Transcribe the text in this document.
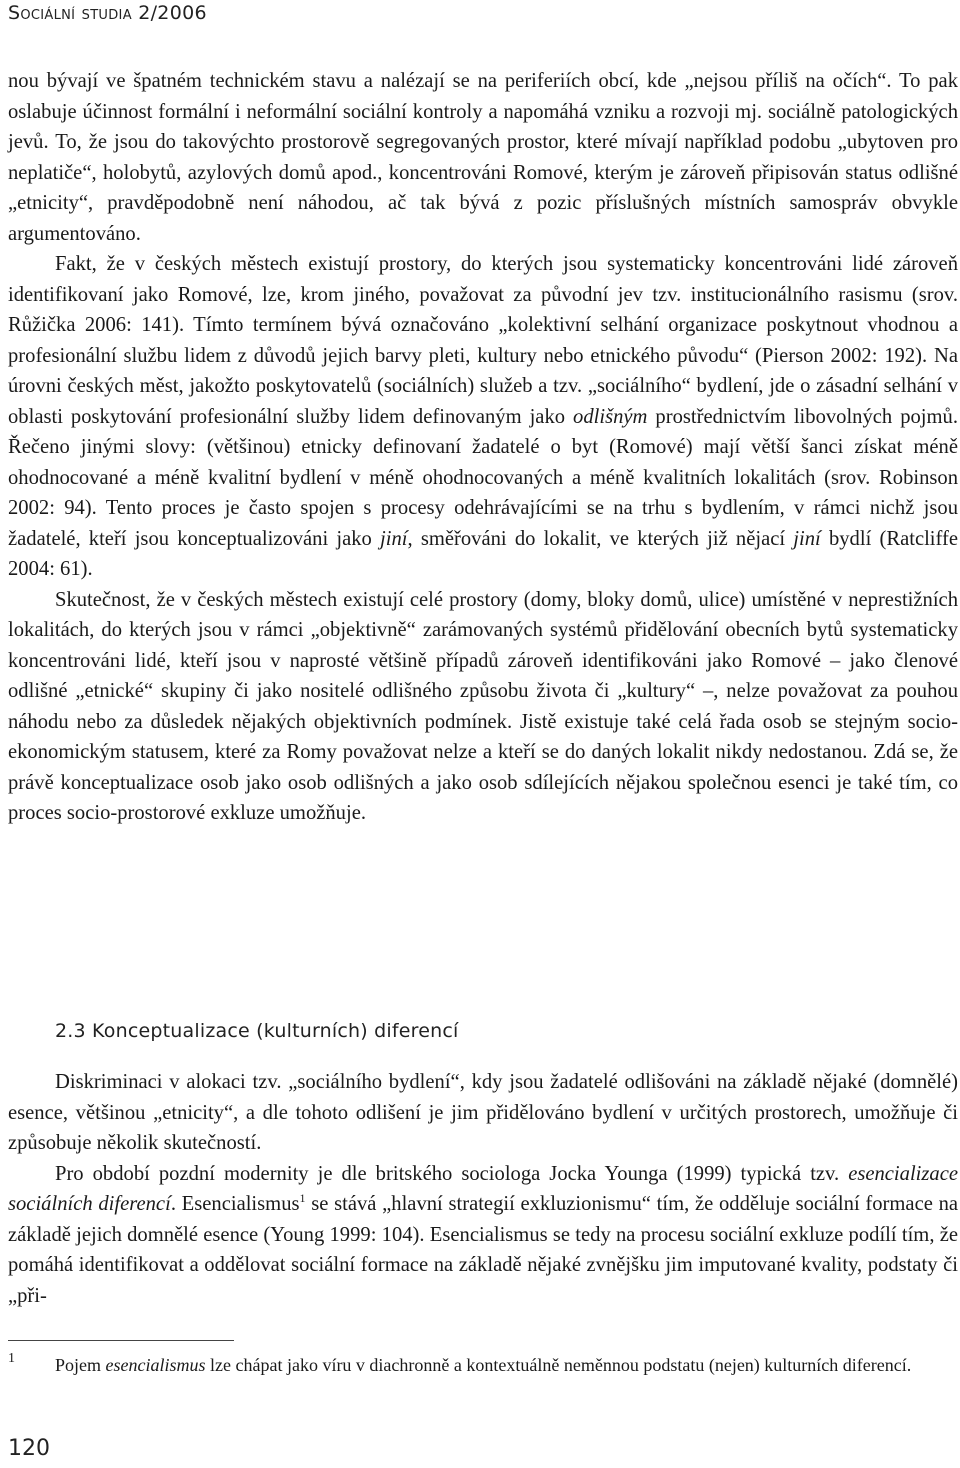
Sociální studia 2/2006

nou bývají ve špatném technickém stavu a nalézají se na periferiích obcí, kde „nejsou příliš na očích“. To pak oslabuje účinnost formální i neformální sociální kontroly a napomáhá vzniku a rozvoji mj. sociálně patologických jevů. To, že jsou do takovýchto prostorově segregovaných prostor, které mívají například podobu „ubytoven pro neplatiče“, holobytů, azylových domů apod., koncentrováni Romové, kterým je zároveň připisován status odlišné „etnicity“, pravděpodobně není náhodou, ač tak bývá z pozic příslušných místních samospráv obvykle argumentováno.

Fakt, že v českých městech existují prostory, do kterých jsou systematicky koncentrováni lidé zároveň identifikovaní jako Romové, lze, krom jiného, považovat za původní jev tzv. institucionálního rasismu (srov. Růžička 2006: 141). Tímto termínem bývá označováno „kolektivní selhání organizace poskytnout vhodnou a profesionální službu lidem z důvodů jejich barvy pleti, kultury nebo etnického původu“ (Pierson 2002: 192). Na úrovni českých měst, jakožto poskytovatelů (sociálních) služeb a tzv. „sociálního“ bydlení, jde o zásadní selhání v oblasti poskytování profesionální služby lidem definovaným jako odlišným prostřednictvím libovolných pojmů. Řečeno jinými slovy: (většinou) etnicky definovaní žadatelé o byt (Romové) mají větší šanci získat méně ohodnocované a méně kvalitní bydlení v méně ohodnocovaných a méně kvalitních lokalitách (srov. Robinson 2002: 94). Tento proces je často spojen s procesy odehrávajícími se na trhu s bydlením, v rámci nichž jsou žadatelé, kteří jsou konceptualizováni jako jiní, směřováni do lokalit, ve kterých již nějací jiní bydlí (Ratcliffe 2004: 61).

Skutečnost, že v českých městech existují celé prostory (domy, bloky domů, ulice) umístěné v neprestižních lokalitách, do kterých jsou v rámci „objektivně“ zarámovaných systémů přidělování obecních bytů systematicky koncentrováni lidé, kteří jsou v naprosté většině případů zároveň identifikováni jako Romové – jako členové odlišné „etnické“ skupiny či jako nositelé odlišného způsobu života či „kultury“ –, nelze považovat za pouhou náhodu nebo za důsledek nějakých objektivních podmínek. Jistě existuje také celá řada osob se stejným socio-ekonomickým statusem, které za Romy považovat nelze a kteří se do daných lokalit nikdy nedostanou. Zdá se, že právě konceptualizace osob jako osob odlišných a jako osob sdílejících nějakou společnou esenci je také tím, co proces socio-prostorové exkluze umožňuje.

2.3 Konceptualizace (kulturních) diferencí

Diskriminaci v alokaci tzv. „sociálního bydlení“, kdy jsou žadatelé odlišováni na základě nějaké (domnělé) esence, většinou „etnicity“, a dle tohoto odlišení je jim přidělováno bydlení v určitých prostorech, umožňuje či způsobuje několik skutečností.

Pro období pozdní modernity je dle britského sociologa Jocka Younga (1999) typická tzv. esencializace sociálních diferencí. Esencialismus$^1$ se stává „hlavní strategií exkluzionismu“ tím, že odděluje sociální formace na základě jejich domnělé esence (Young 1999: 104). Esencialismus se tedy na procesu sociální exkluze podílí tím, že pomáhá identifikovat a oddělovat sociální formace na základě nějaké zvnějšku jim imputované kvality, podstaty či „při-

1 Pojem esencialismus lze chápat jako víru v diachronně a kontextuálně neměnnou podstatu (nejen) kulturních diferencí.
120
